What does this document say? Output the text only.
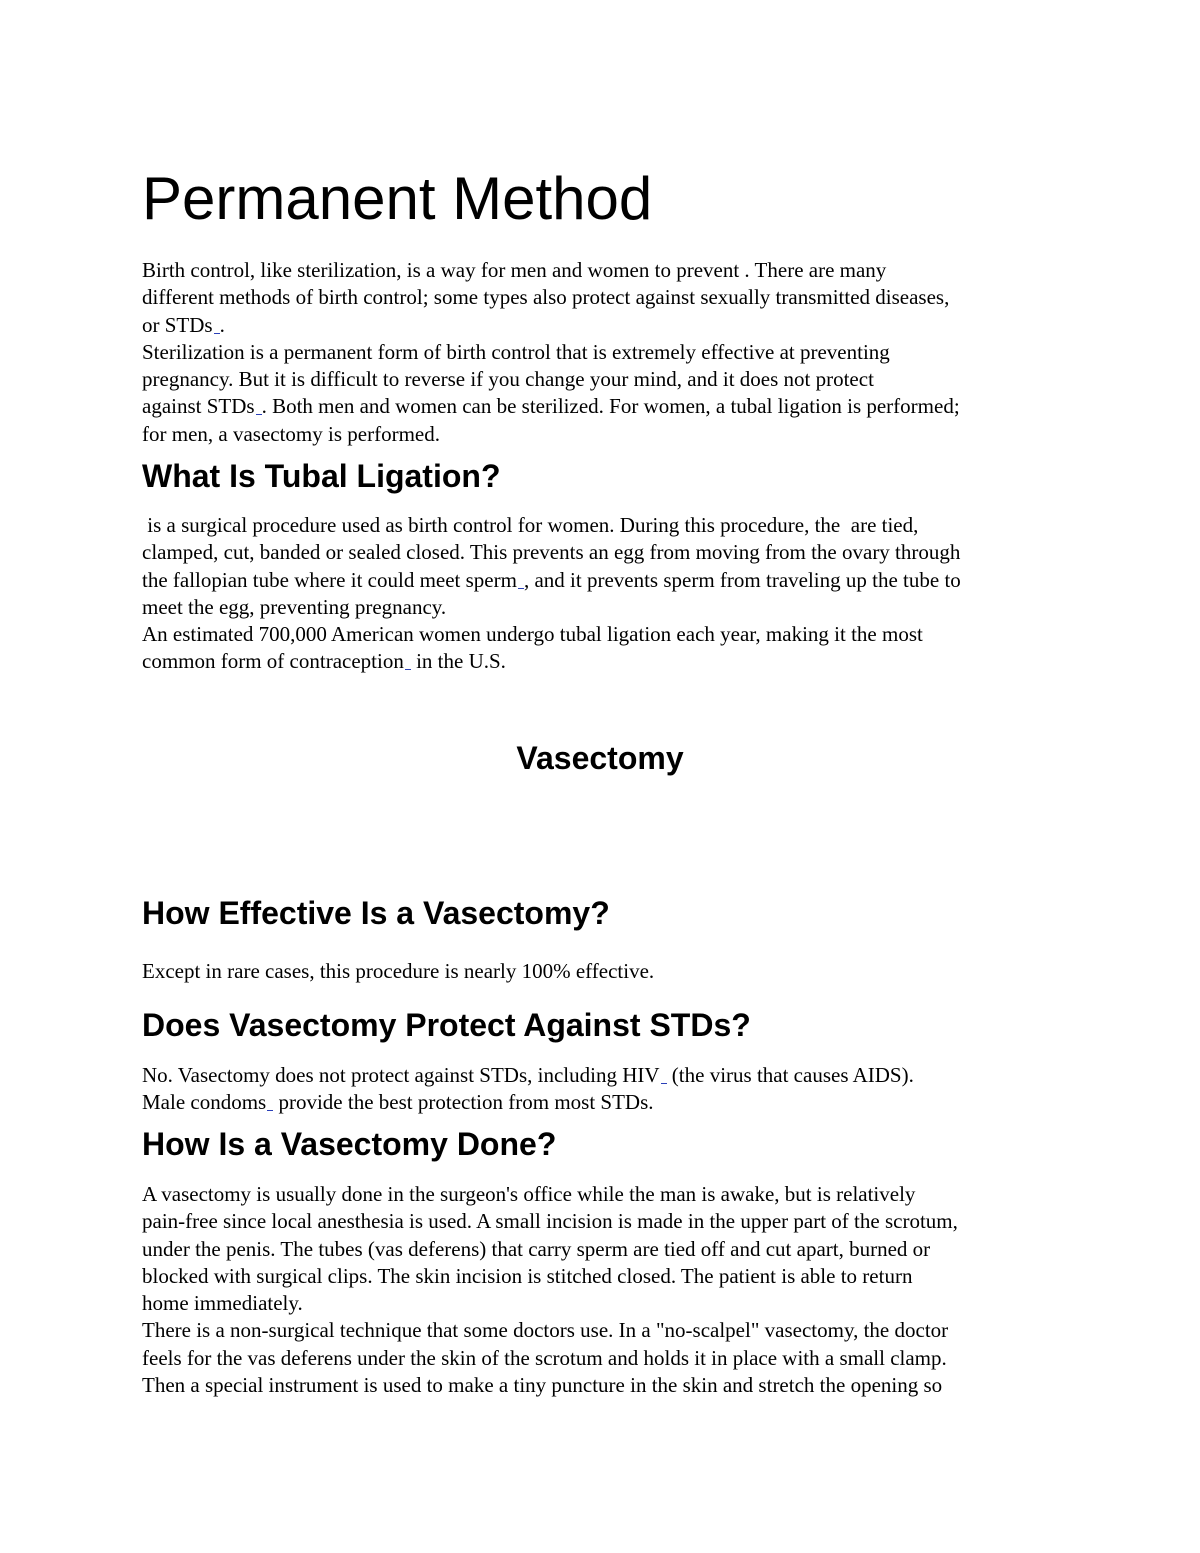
Permanent Method
Birth control, like sterilization, is a way for men and women to prevent . There are many
different methods of birth control; some types also protect against sexually transmitted diseases,
or STDs .
Sterilization is a permanent form of birth control that is extremely effective at preventing
pregnancy. But it is difficult to reverse if you change your mind, and it does not protect
against STDs . Both men and women can be sterilized. For women, a tubal ligation is performed;
for men, a vasectomy is performed.
What Is Tubal Ligation?
is a surgical procedure used as birth control for women. During this procedure, the  are tied,
clamped, cut, banded or sealed closed. This prevents an egg from moving from the ovary through
the fallopian tube where it could meet sperm , and it prevents sperm from traveling up the tube to
meet the egg, preventing pregnancy.
An estimated 700,000 American women undergo tubal ligation each year, making it the most
common form of contraception in the U.S.
Vasectomy
How Effective Is a Vasectomy?
Except in rare cases, this procedure is nearly 100% effective.
Does Vasectomy Protect Against STDs?
No. Vasectomy does not protect against STDs, including HIV (the virus that causes AIDS).
Male condoms provide the best protection from most STDs.
How Is a Vasectomy Done?
A vasectomy is usually done in the surgeon's office while the man is awake, but is relatively
pain-free since local anesthesia is used. A small incision is made in the upper part of the scrotum,
under the penis. The tubes (vas deferens) that carry sperm are tied off and cut apart, burned or
blocked with surgical clips. The skin incision is stitched closed. The patient is able to return
home immediately.
There is a non-surgical technique that some doctors use. In a "no-scalpel" vasectomy, the doctor
feels for the vas deferens under the skin of the scrotum and holds it in place with a small clamp.
Then a special instrument is used to make a tiny puncture in the skin and stretch the opening so
